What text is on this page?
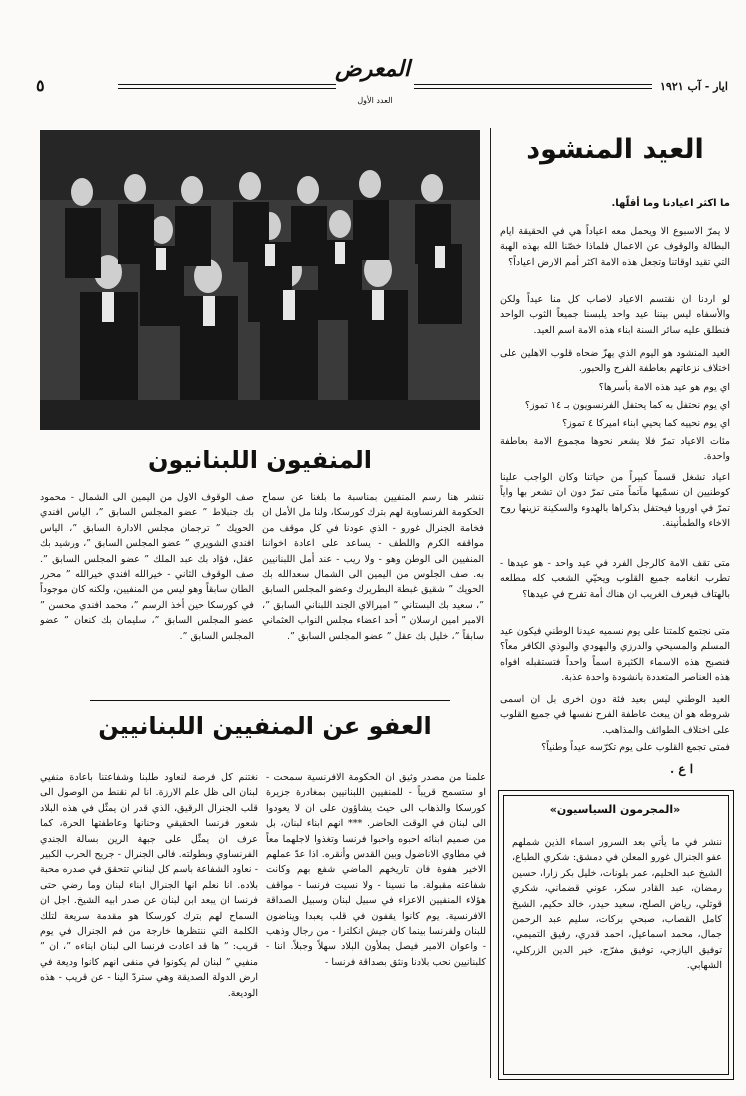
ايار - آب ١٩٢١
المعرض
العدد الأول
٥
العيد المنشود
ما اكثر اعيادنا وما أقلّها.
لا يمرّ الاسبوع الا ويحمل معه اعياداً هي في الحقيقة ايام البطالة والوقوف عن الاعمال فلماذا خصّنا الله بهذه الهبة التي تقيد اوقاتنا وتجعل هذه الامة اكثر أمم الارض اعياداً؟
لو اردنا ان نقتسم الاعياد لاصاب كل منا عيداً ولكن والأسفاه ليس بيننا عيد واحد يلبسنا جميعاً الثوب الواحد فنطلق عليه سائر السنة ابناء هذه الامة اسم العيد.
العيد المنشود هو اليوم الذي يهزّ ضحاه قلوب الاهلين على اختلاف نزعاتهم بعاطفة الفرح والحبور.
اي يوم هو عيد هذه الامة بأسرها؟
اي يوم نحتفل به كما يحتفل الفرنسويون بـ ١٤ تموز؟
اي يوم نحييه كما يحيي ابناء اميركا ٤ تموز؟
مئات الاعياد تمرّ فلا يشعر نحوها مجموع الامة بعاطفة واحدة.
اعياد تشغل قسماً كبيراً من حياتنا وكان الواجب علينا كوطنيين ان نسمّيها مآتماً متى تمرّ دون ان تشعر بها واياً تمرّ في اوروبا فيحتفل بذكراها بالهدوء والسكينة تزينها روح الاخاء والطمأنينة.
متى تقف الامة كالرجل الفرد في عيد واحد - هو عيدها - تطرب انغامه جميع القلوب ويحيّي الشعب كله مطلعه بالهتاف فيعرف الغريب ان هناك أمة تفرح في عيدها؟
متى نجتمع كلمتنا على يوم نسميه عيدنا الوطني فيكون عيد المسلم والمسيحي والدرزي واليهودي والبوذي الكافر معاً؟ فنصبح هذه الاسماء الكثيرة اسماً واحداً فتستقبله افواه هذه العناصر المتعددة بانشودة واحدة عذبة.
العيد الوطني ليس بعيد فئة دون اخرى بل ان اسمى شروطه هو ان يبعث عاطفة الفرح نفسها في جميع القلوب على اختلاف الطوائف والمذاهب.
فمتى تجمع القلوب على يوم تكرّسه عيداً وطنياً؟
ا ع .
المنفيون اللبنانيون
ننشر هنا رسم المنفيين بمناسبة ما بلغنا عن سماح الحكومة الفرنساوية لهم بترك كورسكا، ولنا مل الأمل ان فخامة الجنرال غورو - الذي عودنا في كل موقف من مواقفه الكرم واللطف - يساعد على اعادة اخواننا المنفيين الى الوطن وهو - ولا ريب - عند أمل اللبنانيين به. صف الجلوس من اليمين الى الشمال سعدالله بك الحويك ” شقيق غبطة البطريرك وعضو المجلس السابق ”، سعيد بك البستاني ” اميرالاي الجند اللبناني السابق ”، الامير امين ارسلان ” أحد اعضاء مجلس النواب العثماني سابقاً ”، خليل بك عقل ” عضو المجلس السابق ”.
صف الوقوف الاول من اليمين الى الشمال - محمود بك جنبلاط ” عضو المجلس السابق ”، الياس افندي الحويك ” ترجمان مجلس الادارة السابق ”، الياس افندي الشويري ” عضو المجلس السابق ”، ورشيد بك عقل، فؤاد بك عبد الملك ” عضو المجلس السابق ”. صف الوقوف الثاني - خيرالله افندي خيرالله ” محرر الطان سابقاً وهو ليس من المنفيين، ولكنه كان موجوداً في كورسكا حين أخذ الرسم ”، محمد افندي محسن ” عضو المجلس السابق ”، سليمان بك كنعان ” عضو المجلس السابق ”.
العفو عن المنفيين اللبنانيين
علمنا من مصدر وثيق ان الحكومة الافرنسية سمحت - او ستسمح قريباً - للمنفيين اللبنانيين بمغادرة جزيرة كورسكا والذهاب الى حيث يشاؤون على ان لا يعودوا الى لبنان في الوقت الحاضر. *** انهم ابناء لبنان، بل من صميم ابنائه احبوه واحبوا فرنسا وتغذوا لاجلهما معاً في مطاوي الاناضول وبين القدس وأنقره. اذا عدّ عملهم الاخير هفوة فان تاريخهم الماضي شفع بهم وكانت شفاعته مقبولة. ما نسينا - ولا نسيت فرنسا - مواقف هؤلاء المنفيين الاعزاء في سبيل لبنان وسبيل الصداقة الافرنسية. يوم كانوا يقفون في قلب يعبدا ويناضون للبنان ولفرنسا بينما كان جيش انكلترا - من رجال وذهب - واعوان الامير فيصل يملأون البلاد سهلاً وجبلاً. اننا - كلبنانيين نحب بلادنا ونثق بصداقة فرنسا -
نغتنم كل فرصة لنعاود طلبنا وشفاعتنا باعادة منفيي لبنان الى ظل علم الارزة. انا لم نقنط من الوصول الى قلب الجنرال الرقيق، الذي قدر ان يمثّل في هذه البلاد شعور فرنسا الحقيقي وحنانها وعاطفتها الحرة، كما عرف ان يمثّل على جبهة الرين بسالة الجندي الفرنساوي وبطولته. فالى الجنرال - جريح الحرب الكبير - نعاود الشفاعة باسم كل لبناني تتحقق في صدره محبة بلاده. انا نعلم انها الجنرال ابناء لبنان وما رضي حتى فرنسا ان يبعد ابن لبنان عن صدر ابيه الشيخ. اجل ان السماح لهم بترك كورسكا هو مقدمة سريعة لتلك الكلمة التي ننتظرها خارجة من فم الجنرال في يوم قريب: ” ها قد اعادت فرنسا الى لبنان ابناءه ”، ان ” منفيي ” لبنان لم يكونوا في منفى انهم كانوا وديعة في ارض الدولة الصديقة وهي ستردّ الينا - عن قريب - هذه الوديعة.
«المجرمون السياسيون»
ننشر في ما يأتي بعد السرور اسماء الذين شملهم عفو الجنرال غورو المعلن في دمشق: شكري الطباع، الشيخ عبد الحليم، عمر بلونات، خليل بكر زارا، حسين رمضان، عبد القادر سكر، عوني قضماني، شكري قوتلي، رياض الصلح، سعيد حيدر، خالد حكيم، الشيخ كامل القصاب، صبحي بركات، سليم عبد الرحمن جمال، محمد اسماعيل، احمد قدري، رفيق التميمي، توفيق اليازجي، توفيق مفرّج، خير الدين الزركلي، الشهابي.
